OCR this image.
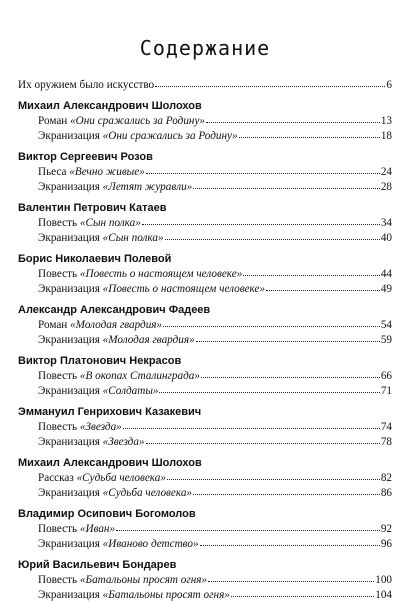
Содержание
Их оружием было искусство	6
Михаил Александрович Шолохов
Роман «Они сражались за Родину»	13
Экранизация «Они сражались за Родину»	18
Виктор Сергеевич Розов
Пьеса «Вечно живые»	24
Экранизация «Летят журавли»	28
Валентин Петрович Катаев
Повесть «Сын полка»	34
Экранизация «Сын полка»	40
Борис Николаевич Полевой
Повесть «Повесть о настоящем человеке»	44
Экранизация «Повесть о настоящем человеке»	49
Александр Александрович Фадеев
Роман «Молодая гвардия»	54
Экранизация «Молодая гвардия»	59
Виктор Платонович Некрасов
Повесть «В окопах Сталинграда»	66
Экранизация «Солдаты»	71
Эммануил Генрихович Казакевич
Повесть «Звезда»	74
Экранизация «Звезда»	78
Михаил Александрович Шолохов
Рассказ «Судьба человека»	82
Экранизация «Судьба человека»	86
Владимир Осипович Богомолов
Повесть «Иван»	92
Экранизация «Иваново детство»	96
Юрий Васильевич Бондарев
Повесть «Батальоны просят огня»	100
Экранизация «Батальоны просят огня»	104
